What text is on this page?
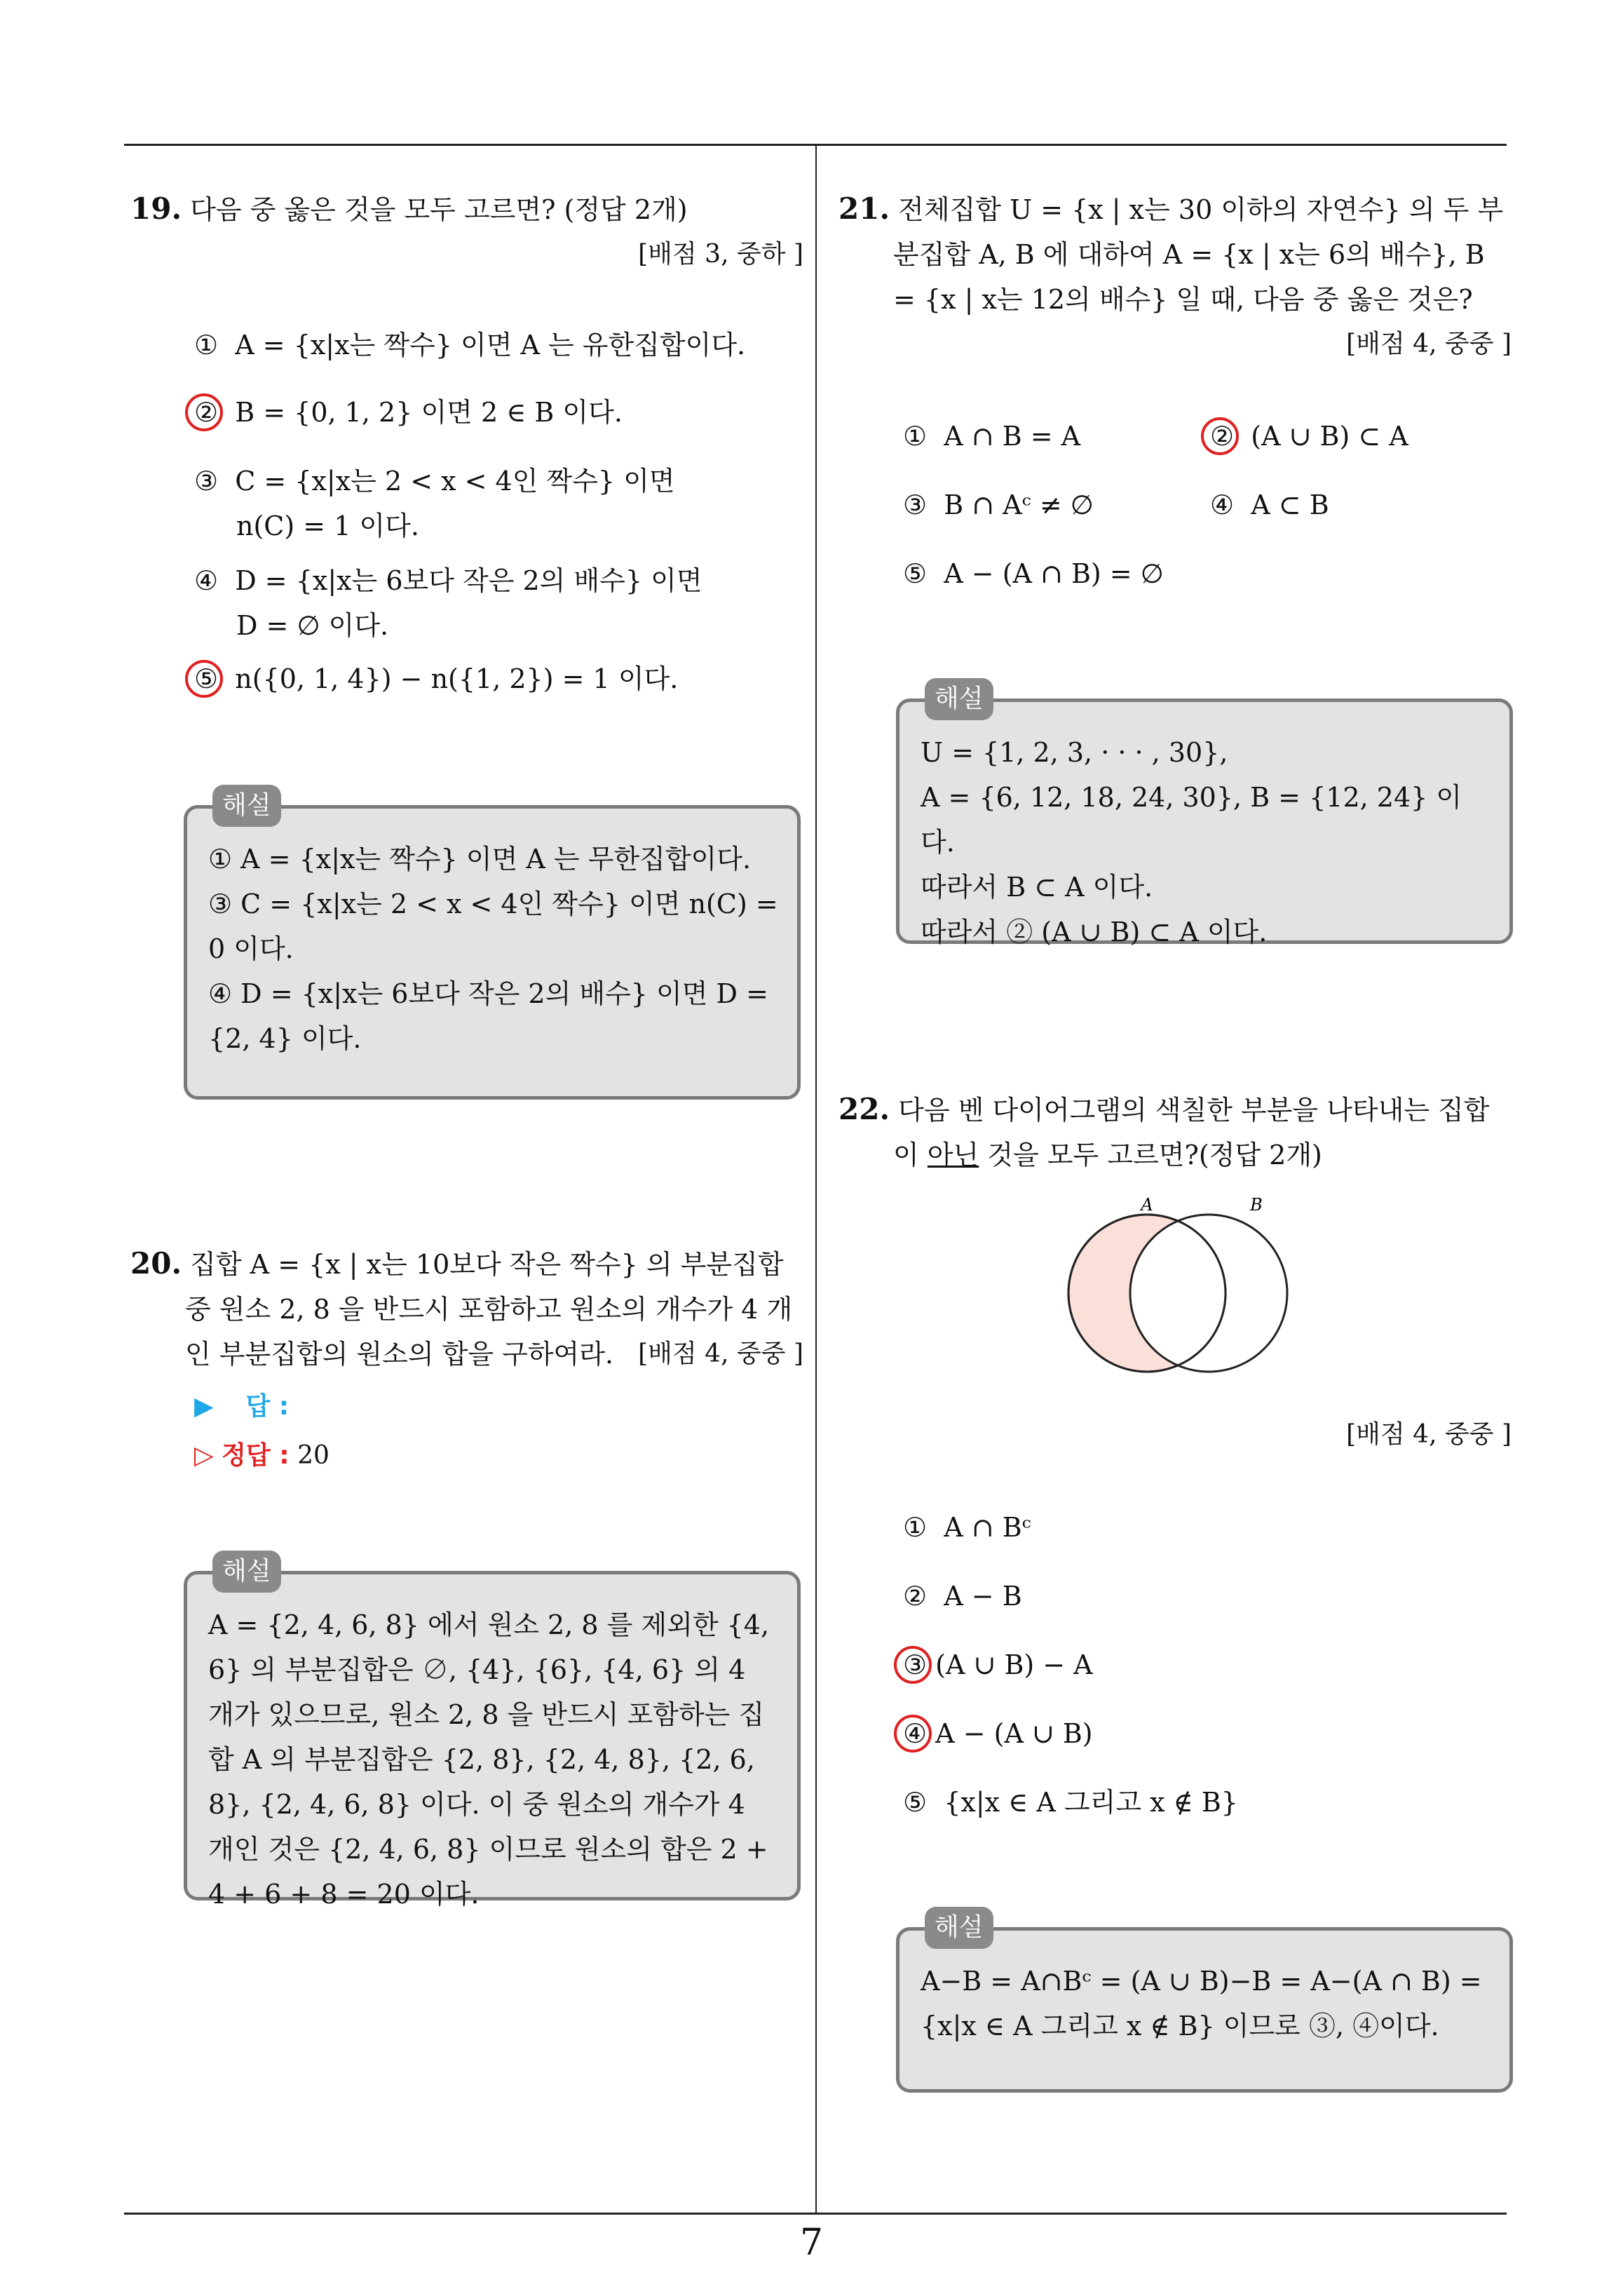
19. 다음 중 옳은 것을 모두 고르면? (정답 2개)
[배점 3, 중하 ]
① A = {x|x는 짝수} 이면 A 는 유한집합이다.
② B = {0, 1, 2} 이면 2 ∈ B 이다.
③ C = {x|x는 2 < x < 4인 짝수} 이면
n(C) = 1 이다.
④ D = {x|x는 6보다 작은 2의 배수} 이면
D = ∅ 이다.
⑤ n({0, 1, 4}) − n({1, 2}) = 1 이다.
해설

① A = {x|x는 짝수} 이면 A 는 무한집합이다.

③ C = {x|x는 2 < x < 4인 짝수} 이면 n(C) = 0 이다.

④ D = {x|x는 6보다 작은 2의 배수} 이면 D = {2, 4} 이다.

20. 집합 A = {x | x는 10보다 작은 짝수} 의 부분집합 중 원소 2, 8 을 반드시 포함하고 원소의 개수가 4 개인 부분집합의 원소의 합을 구하여라. [배점 4, 중중 ]
▶ 답 :
▷ 정답 : 20
해설

A = {2, 4, 6, 8} 에서 원소 2, 8 를 제외한 {4, 6} 의 부분집합은 ∅, {4}, {6}, {4, 6} 의 4 개가 있으므로, 원소 2, 8 을 반드시 포함하는 집합 A 의 부분집합은 {2, 8}, {2, 4, 8}, {2, 6, 8}, {2, 4, 6, 8} 이다. 이 중 원소의 개수가 4 개인 것은 {2, 4, 6, 8} 이므로 원소의 합은 2 + 4 + 6 + 8 = 20 이다.

21. 전체집합 U = {x | x는 30 이하의 자연수} 의 두 부분집합 A, B 에 대하여 A = {x | x는 6의 배수}, B = {x | x는 12의 배수} 일 때, 다음 중 옳은 것은?
[배점 4, 중중 ]
① A ∩ B = A	② (A ∪ B) ⊂ A
③ B ∩ Aᶜ ≠ ∅	④ A ⊂ B
⑤ A − (A ∩ B) = ∅
해설

U = {1, 2, 3, · · · , 30},

A = {6, 12, 18, 24, 30}, B = {12, 24} 이다.

따라서 B ⊂ A 이다.

따라서 ② (A ∪ B) ⊂ A 이다.

22. 다음 벤 다이어그램의 색칠한 부분을 나타내는 집합이 아닌 것을 모두 고르면?(정답 2개)
A	B
[배점 4, 중중 ]
① A ∩ Bᶜ
② A − B
③ (A ∪ B) − A
④ A − (A ∪ B)
⑤ {x|x ∈ A 그리고 x ∉ B}
해설

A−B = A∩Bᶜ = (A ∪ B)−B = A−(A ∩ B) = {x|x ∈ A 그리고 x ∉ B} 이므로 ③, ④이다.

7
